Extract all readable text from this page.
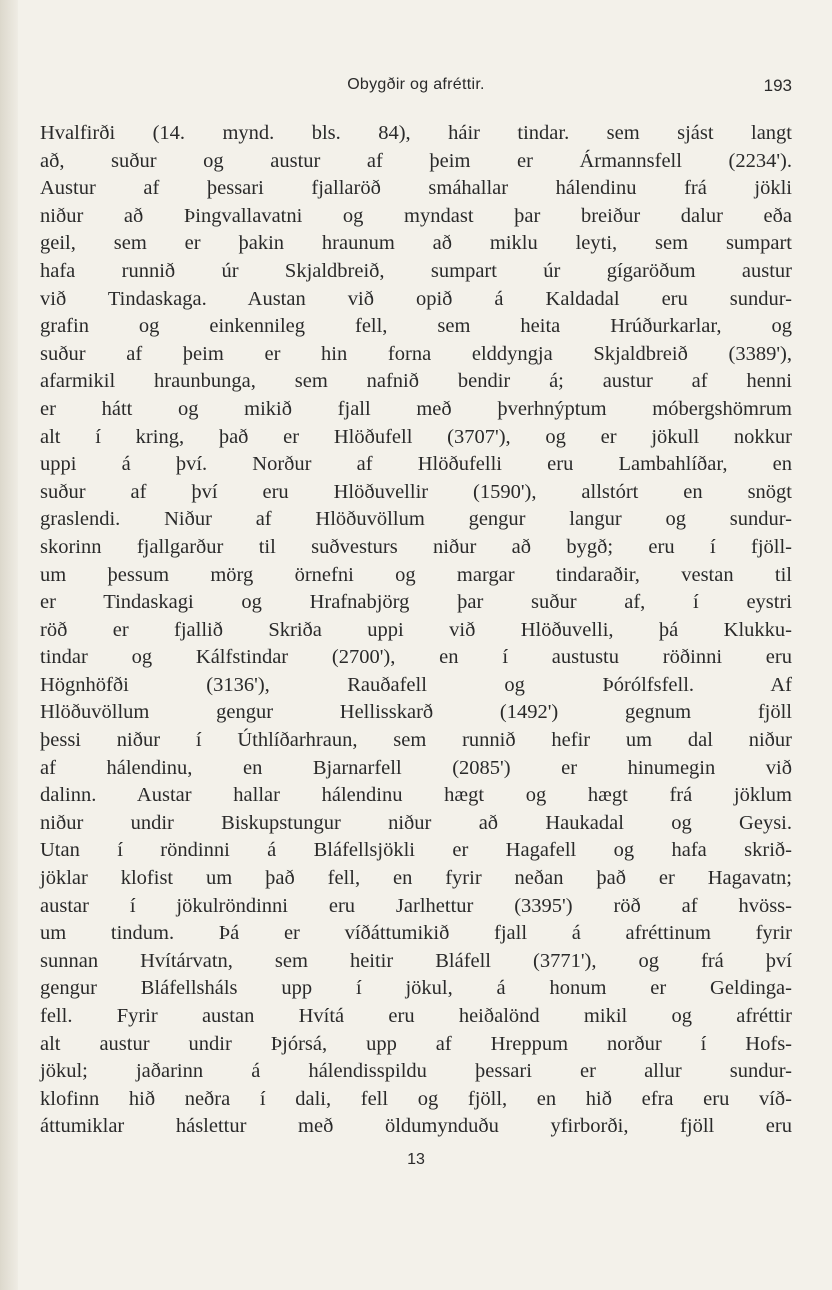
Obygðir og afréttir.	193
Hvalfirði (14. mynd. bls. 84), háir tindar. sem sjást langt
að, suður og austur af þeim er Ármannsfell (2234').
Austur af þessari fjallaröð smáhallar hálendinu frá jökli
niður að Þingvallavatni og myndast þar breiður dalur eða
geil, sem er þakin hraunum að miklu leyti, sem sumpart
hafa runnið úr Skjaldbreið, sumpart úr gígaröðum austur
við Tindaskaga. Austan við opið á Kaldadal eru sundur-
grafin og einkennileg fell, sem heita Hrúðurkarlar, og
suður af þeim er hin forna elddyngja Skjaldbreið (3389'),
afarmikil hraunbunga, sem nafnið bendir á; austur af henni
er hátt og mikið fjall með þverhnýptum móbergshömrum
alt í kring, það er Hlöðufell (3707'), og er jökull nokkur
uppi á því. Norður af Hlöðufelli eru Lambahlíðar, en
suður af því eru Hlöðuvellir (1590'), allstórt en snögt
graslendi. Niður af Hlöðuvöllum gengur langur og sundur-
skorinn fjallgarður til suðvesturs niður að bygð; eru í fjöll-
um þessum mörg örnefni og margar tindaraðir, vestan til
er Tindaskagi og Hrafnabjörg þar suður af, í eystri
röð er fjallið Skriða uppi við Hlöðuvelli, þá Klukku-
tindar og Kálfstindar (2700'), en í austustu röðinni eru
Högnhöfði (3136'), Rauðafell og Þórólfsfell. Af
Hlöðuvöllum gengur Hellisskarð (1492') gegnum fjöll
þessi niður í Úthlíðarhraun, sem runnið hefir um dal niður
af hálendinu, en Bjarnarfell (2085') er hinumegin við
dalinn. Austar hallar hálendinu hægt og hægt frá jöklum
niður undir Biskupstungur niður að Haukadal og Geysi.
Utan í röndinni á Bláfellsjökli er Hagafell og hafa skrið-
jöklar klofist um það fell, en fyrir neðan það er Hagavatn;
austar í jökulröndinni eru Jarlhettur (3395') röð af hvöss-
um tindum. Þá er víðáttumikið fjall á afréttinum fyrir
sunnan Hvítárvatn, sem heitir Bláfell (3771'), og frá því
gengur Bláfellsháls upp í jökul, á honum er Geldinga-
fell. Fyrir austan Hvítá eru heiðalönd mikil og afréttir
alt austur undir Þjórsá, upp af Hreppum norður í Hofs-
jökul; jaðarinn á hálendisspildu þessari er allur sundur-
klofinn hið neðra í dali, fell og fjöll, en hið efra eru víð-
áttumiklar háslettur með öldumynduðu yfirborði, fjöll eru
13
